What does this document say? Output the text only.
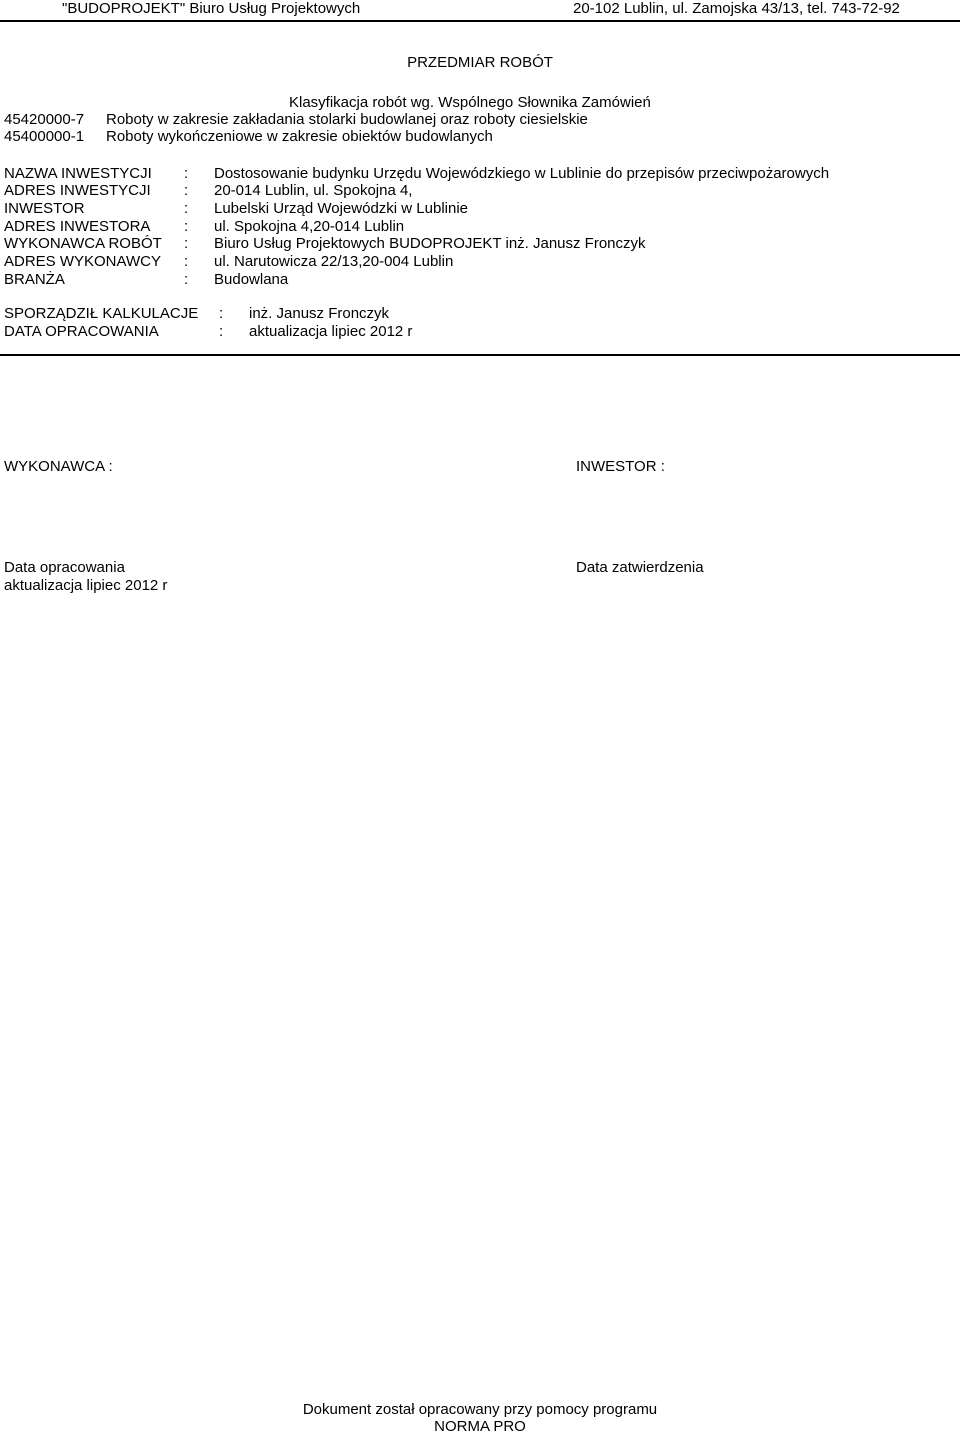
"BUDOPROJEKT" Biuro Usług Projektowych	20-102 Lublin, ul. Zamojska 43/13, tel. 743-72-92
PRZEDMIAR ROBÓT
Klasyfikacja robót wg. Wspólnego Słownika Zamówień
45420000-7 Roboty w zakresie zakładania stolarki budowlanej oraz roboty ciesielskie
45400000-1 Roboty wykończeniowe w zakresie obiektów budowlanych
NAZWA INWESTYCJI : Dostosowanie budynku Urzędu Wojewódzkiego w Lublinie do przepisów przeciwpożarowych
ADRES INWESTYCJI : 20-014 Lublin, ul. Spokojna 4,
INWESTOR	: Lubelski Urząd Wojewódzki w Lublinie
ADRES INWESTORA : ul. Spokojna 4,20-014 Lublin
WYKONAWCA ROBÓT : Biuro Usług Projektowych BUDOPROJEKT inż. Janusz Fronczyk
ADRES WYKONAWCY : ul. Narutowicza 22/13,20-004 Lublin
BRANŻA	: Budowlana
SPORZĄDZIŁ KALKULACJE : inż. Janusz Fronczyk
DATA OPRACOWANIA	: aktualizacja lipiec 2012 r
WYKONAWCA :	INWESTOR :
Data opracowania
aktualizacja lipiec 2012 r
Data zatwierdzenia
Dokument został opracowany przy pomocy programu
NORMA PRO
